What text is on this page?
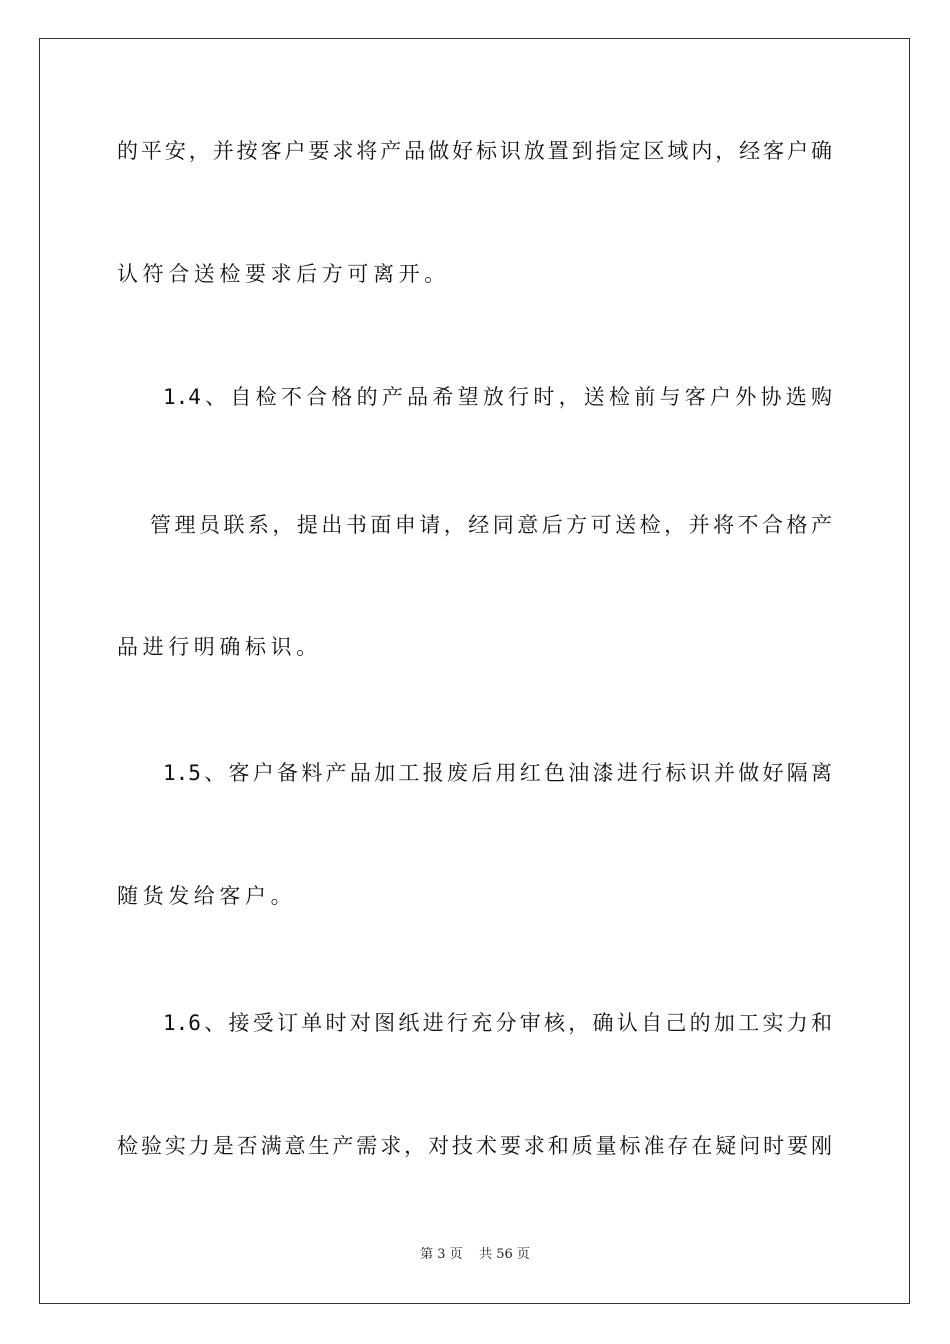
的平安，并按客户要求将产品做好标识放置到指定区域内，经客户确

认符合送检要求后方可离开。

1.4、自检不合格的产品希望放行时，送检前与客户外协选购

管理员联系，提出书面申请，经同意后方可送检，并将不合格产

品进行明确标识。

1.5、客户备料产品加工报废后用红色油漆进行标识并做好隔离

随货发给客户。

1.6、接受订单时对图纸进行充分审核，确认自己的加工实力和

检验实力是否满意生产需求，对技术要求和质量标准存在疑问时要刚

第 3 页    共 56 页
